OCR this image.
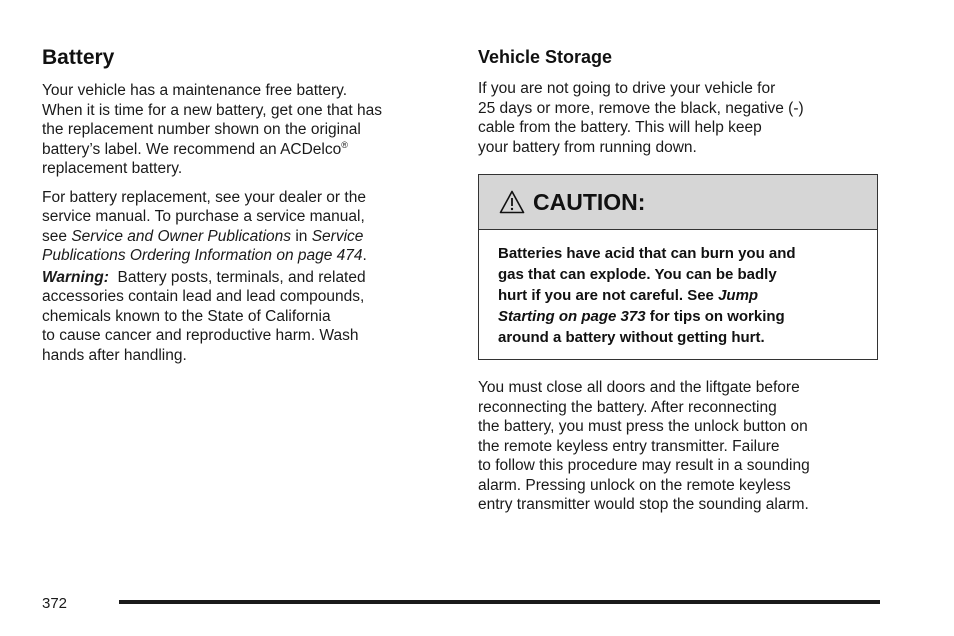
Battery

Your vehicle has a maintenance free battery.
When it is time for a new battery, get one that has
the replacement number shown on the original
battery’s label. We recommend an ACDelco®
replacement battery.

For battery replacement, see your dealer or the
service manual. To purchase a service manual,
see Service and Owner Publications in Service
Publications Ordering Information on page 474.

Warning:  Battery posts, terminals, and related
accessories contain lead and lead compounds,
chemicals known to the State of California
to cause cancer and reproductive harm. Wash
hands after handling.

Vehicle Storage

If you are not going to drive your vehicle for
25 days or more, remove the black, negative (-)
cable from the battery. This will help keep
your battery from running down.

CAUTION:
Batteries have acid that can burn you and
gas that can explode. You can be badly
hurt if you are not careful. See Jump
Starting on page 373 for tips on working
around a battery without getting hurt.

You must close all doors and the liftgate before
reconnecting the battery. After reconnecting
the battery, you must press the unlock button on
the remote keyless entry transmitter. Failure
to follow this procedure may result in a sounding
alarm. Pressing unlock on the remote keyless
entry transmitter would stop the sounding alarm.

372
